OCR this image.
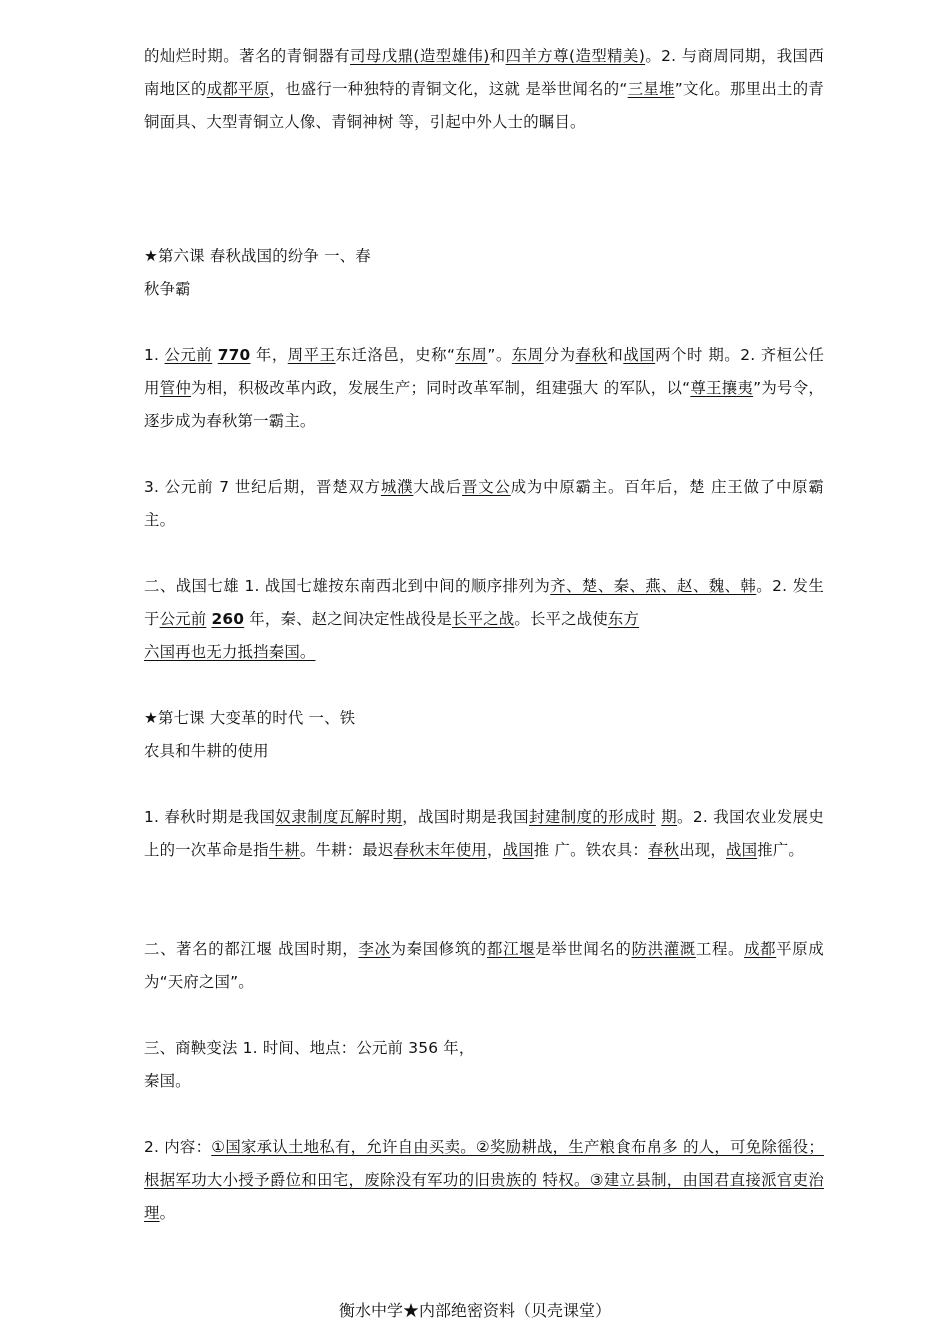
的灿烂时期。著名的青铜器有司母戊鼎(造型雄伟)和四羊方尊(造型精美)。2. 与商周同期，我国西南地区的成都平原，也盛行一种独特的青铜文化，这就 是举世闻名的“三星堆”文化。那里出土的青铜面具、大型青铜立人像、青铜神树 等，引起中外人士的瞩目。

★第六课 春秋战国的纷争 一、春
秋争霸

1. 公元前 770 年，周平王东迁洛邑，史称“东周”。东周分为春秋和战国两个时 期。2. 齐桓公任用管仲为相，积极改革内政，发展生产；同时改革军制，组建强大 的军队，以“尊王攘夷”为号令，逐步成为春秋第一霸主。

3. 公元前 7 世纪后期，晋楚双方城濮大战后晋文公成为中原霸主。百年后，楚 庄王做了中原霸主。

二、战国七雄 1. 战国七雄按东南西北到中间的顺序排列为齐、楚、秦、燕、赵、魏、韩。2. 发生于公元前 260 年，秦、赵之间决定性战役是长平之战。长平之战使东方
六国再也无力抵挡秦国。

★第七课 大变革的时代 一、铁
农具和牛耕的使用

1. 春秋时期是我国奴隶制度瓦解时期，战国时期是我国封建制度的形成时 期。2. 我国农业发展史上的一次革命是指牛耕。牛耕：最迟春秋末年使用，战国推 广。铁农具：春秋出现，战国推广。

二、著名的都江堰 战国时期，李冰为秦国修筑的都江堰是举世闻名的防洪灌溉工程。成都平原成 为“天府之国”。

三、商鞅变法 1. 时间、地点：公元前 356 年，
秦国。

2. 内容：①国家承认土地私有，允许自由买卖。②奖励耕战，生产粮食布帛多 的人，可免除徭役；根据军功大小授予爵位和田宅，废除没有军功的旧贵族的 特权。③建立县制，由国君直接派官吏治理。

衡水中学★内部绝密资料（贝壳课堂）
